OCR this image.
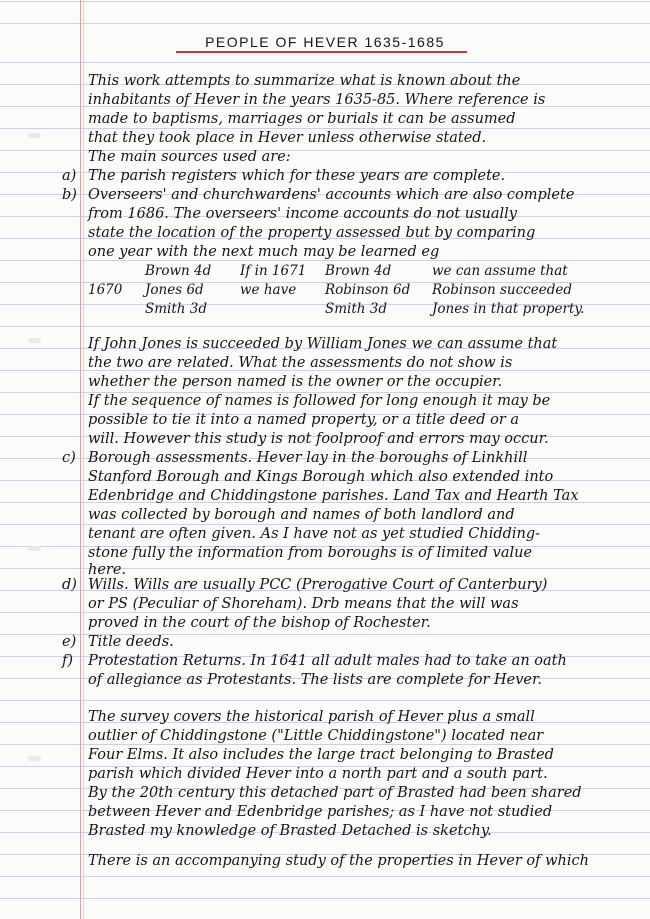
PEOPLE OF HEVER 1635-1685
This work attempts to summarize what is known about the
inhabitants of Hever in the years 1635-85. Where reference is
made to baptisms, marriages or burials it can be assumed
that they took place in Hever unless otherwise stated.
The main sources used are:
a) The parish registers which for these years are complete.
b) Overseers' and churchwardens' accounts which are also complete
from 1686. The overseers' income accounts do not usually
state the location of the property assessed but by comparing
one year with the next much may be learned eg
Brown 4d
Jones 6d
Smith 3d
1670
If in 1671
we have
Brown 4d
Robinson 6d
Smith 3d
we can assume that
Robinson succeeded
Jones in that property.
If John Jones is succeeded by William Jones we can assume that
the two are related. What the assessments do not show is
whether the person named is the owner or the occupier.
If the sequence of names is followed for long enough it may be
possible to tie it into a named property, or a title deed or a
will. However this study is not foolproof and errors may occur.
c) Borough assessments. Hever lay in the boroughs of Linkhill
Stanford Borough and Kings Borough which also extended into
Edenbridge and Chiddingstone parishes. Land Tax and Hearth Tax
was collected by borough and names of both landlord and
tenant are often given. As I have not as yet studied Chidding-
stone fully the information from boroughs is of limited value
here.
d) Wills. Wills are usually PCC (Prerogative Court of Canterbury)
or PS (Peculiar of Shoreham). Drb means that the will was
proved in the court of the bishop of Rochester.
e) Title deeds.
f) Protestation Returns. In 1641 all adult males had to take an oath
of allegiance as Protestants. The lists are complete for Hever.
The survey covers the historical parish of Hever plus a small
outlier of Chiddingstone ("Little Chiddingstone") located near
Four Elms. It also includes the large tract belonging to Brasted
parish which divided Hever into a north part and a south part.
By the 20th century this detached part of Brasted had been shared
between Hever and Edenbridge parishes; as I have not studied
Brasted my knowledge of Brasted Detached is sketchy.
There is an accompanying study of the properties in Hever of which
